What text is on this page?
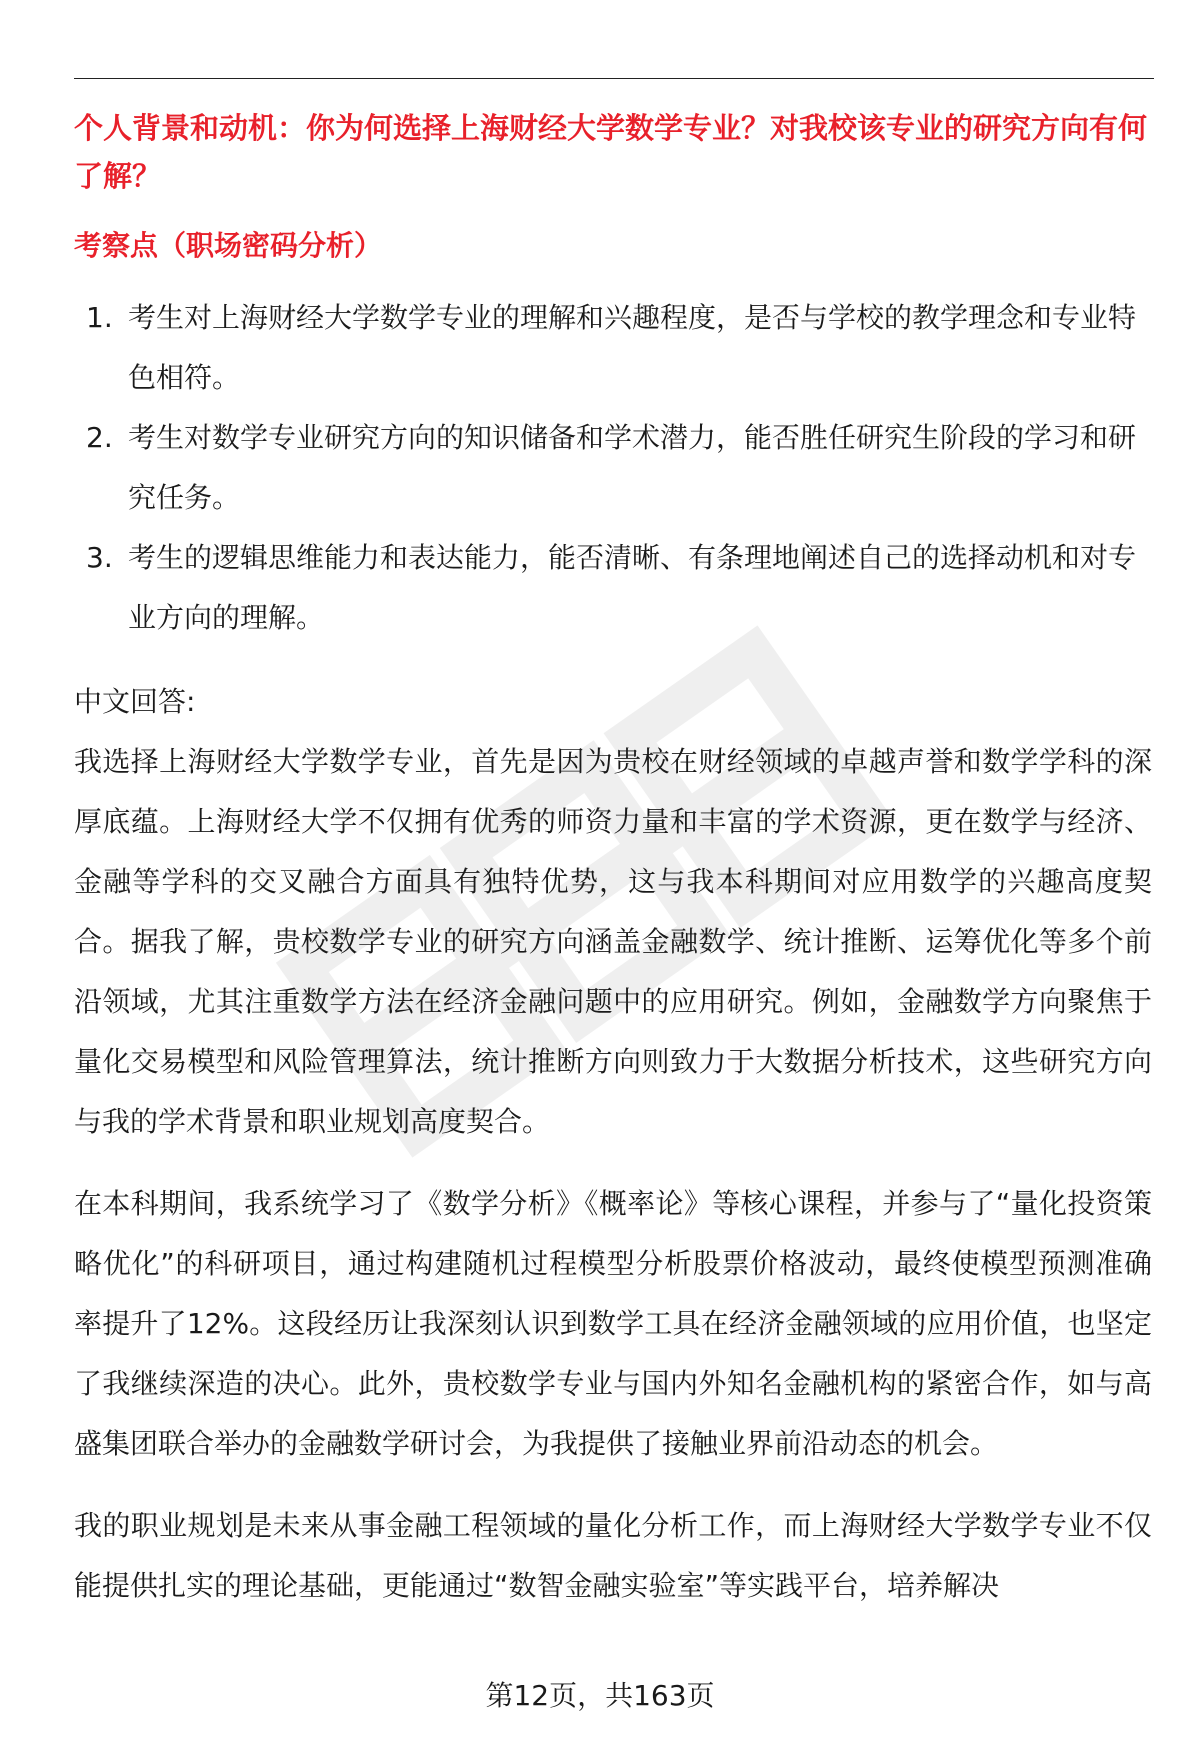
个人背景和动机：你为何选择上海财经大学数学专业？对我校该专业的研究方向有何了解？

考察点（职场密码分析）

1. 考生对上海财经大学数学专业的理解和兴趣程度，是否与学校的教学理念和专业特色相符。
2. 考生对数学专业研究方向的知识储备和学术潜力，能否胜任研究生阶段的学习和研究任务。
3. 考生的逻辑思维能力和表达能力，能否清晰、有条理地阐述自己的选择动机和对专业方向的理解。

中文回答:

我选择上海财经大学数学专业，首先是因为贵校在财经领域的卓越声誉和数学学科的深厚底蕴。上海财经大学不仅拥有优秀的师资力量和丰富的学术资源，更在数学与经济、金融等学科的交叉融合方面具有独特优势，这与我本科期间对应用数学的兴趣高度契合。据我了解，贵校数学专业的研究方向涵盖金融数学、统计推断、运筹优化等多个前沿领域，尤其注重数学方法在经济金融问题中的应用研究。例如，金融数学方向聚焦于量化交易模型和风险管理算法，统计推断方向则致力于大数据分析技术，这些研究方向与我的学术背景和职业规划高度契合。

在本科期间，我系统学习了《数学分析》《概率论》等核心课程，并参与了“量化投资策略优化”的科研项目，通过构建随机过程模型分析股票价格波动，最终使模型预测准确率提升了12%。这段经历让我深刻认识到数学工具在经济金融领域的应用价值，也坚定了我继续深造的决心。此外，贵校数学专业与国内外知名金融机构的紧密合作，如与高盛集团联合举办的金融数学研讨会，为我提供了接触业界前沿动态的机会。

我的职业规划是未来从事金融工程领域的量化分析工作，而上海财经大学数学专业不仅能提供扎实的理论基础，更能通过“数智金融实验室”等实践平台，培养解决

第12页，共163页
